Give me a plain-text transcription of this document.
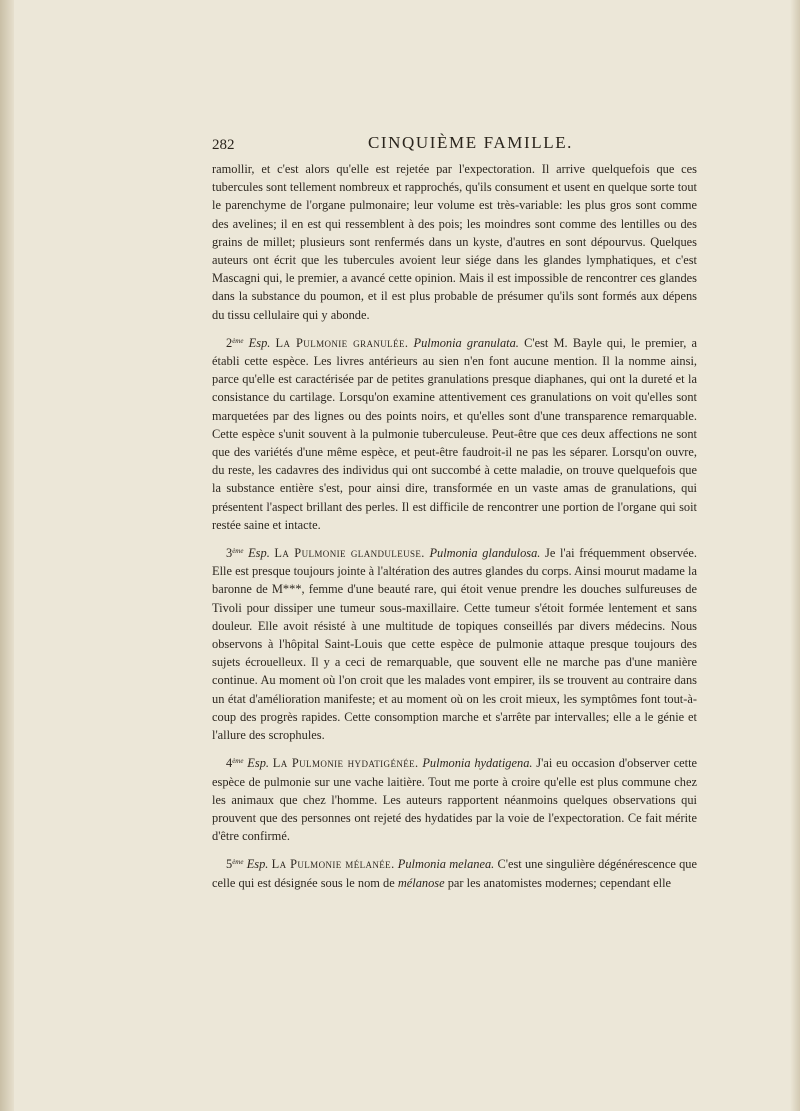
282	CINQUIÈME FAMILLE.

ramollir, et c'est alors qu'elle est rejetée par l'expectoration. Il arrive quelquefois que ces tubercules sont tellement nombreux et rapprochés, qu'ils consument et usent en quelque sorte tout le parenchyme de l'organe pulmonaire; leur volume est très-variable: les plus gros sont comme des avelines; il en est qui ressemblent à des pois; les moindres sont comme des lentilles ou des grains de millet; plusieurs sont renfermés dans un kyste, d'autres en sont dépourvus. Quelques auteurs ont écrit que les tubercules avoient leur siége dans les glandes lymphatiques, et c'est Mascagni qui, le premier, a avancé cette opinion. Mais il est impossible de rencontrer ces glandes dans la substance du poumon, et il est plus probable de présumer qu'ils sont formés aux dépens du tissu cellulaire qui y abonde.

2ème Esp. La Pulmonie granulée. Pulmonia granulata. C'est M. Bayle qui, le premier, a établi cette espèce. Les livres antérieurs au sien n'en font aucune mention. Il la nomme ainsi, parce qu'elle est caractérisée par de petites granulations presque diaphanes, qui ont la dureté et la consistance du cartilage. Lorsqu'on examine attentivement ces granulations on voit qu'elles sont marquetées par des lignes ou des points noirs, et qu'elles sont d'une transparence remarquable. Cette espèce s'unit souvent à la pulmonie tuberculeuse. Peut-être que ces deux affections ne sont que des variétés d'une même espèce, et peut-être faudroit-il ne pas les séparer. Lorsqu'on ouvre, du reste, les cadavres des individus qui ont succombé à cette maladie, on trouve quelquefois que la substance entière s'est, pour ainsi dire, transformée en un vaste amas de granulations, qui présentent l'aspect brillant des perles. Il est difficile de rencontrer une portion de l'organe qui soit restée saine et intacte.

3ème Esp. La Pulmonie glanduleuse. Pulmonia glandulosa. Je l'ai fréquemment observée. Elle est presque toujours jointe à l'altération des autres glandes du corps. Ainsi mourut madame la baronne de M***, femme d'une beauté rare, qui étoit venue prendre les douches sulfureuses de Tivoli pour dissiper une tumeur sous-maxillaire. Cette tumeur s'étoit formée lentement et sans douleur. Elle avoit résisté à une multitude de topiques conseillés par divers médecins. Nous observons à l'hôpital Saint-Louis que cette espèce de pulmonie attaque presque toujours des sujets écrouelleux. Il y a ceci de remarquable, que souvent elle ne marche pas d'une manière continue. Au moment où l'on croit que les malades vont empirer, ils se trouvent au contraire dans un état d'amélioration manifeste; et au moment où on les croit mieux, les symptômes font tout-à-coup des progrès rapides. Cette consomption marche et s'arrête par intervalles; elle a le génie et l'allure des scrophules.

4ème Esp. La Pulmonie hydatigénée. Pulmonia hydatigena. J'ai eu occasion d'observer cette espèce de pulmonie sur une vache laitière. Tout me porte à croire qu'elle est plus commune chez les animaux que chez l'homme. Les auteurs rapportent néanmoins quelques observations qui prouvent que des personnes ont rejeté des hydatides par la voie de l'expectoration. Ce fait mérite d'être confirmé.

5ème Esp. La Pulmonie mélanée. Pulmonia melanea. C'est une singulière dégénérescence que celle qui est désignée sous le nom de mélanose par les anatomistes modernes; cependant elle
